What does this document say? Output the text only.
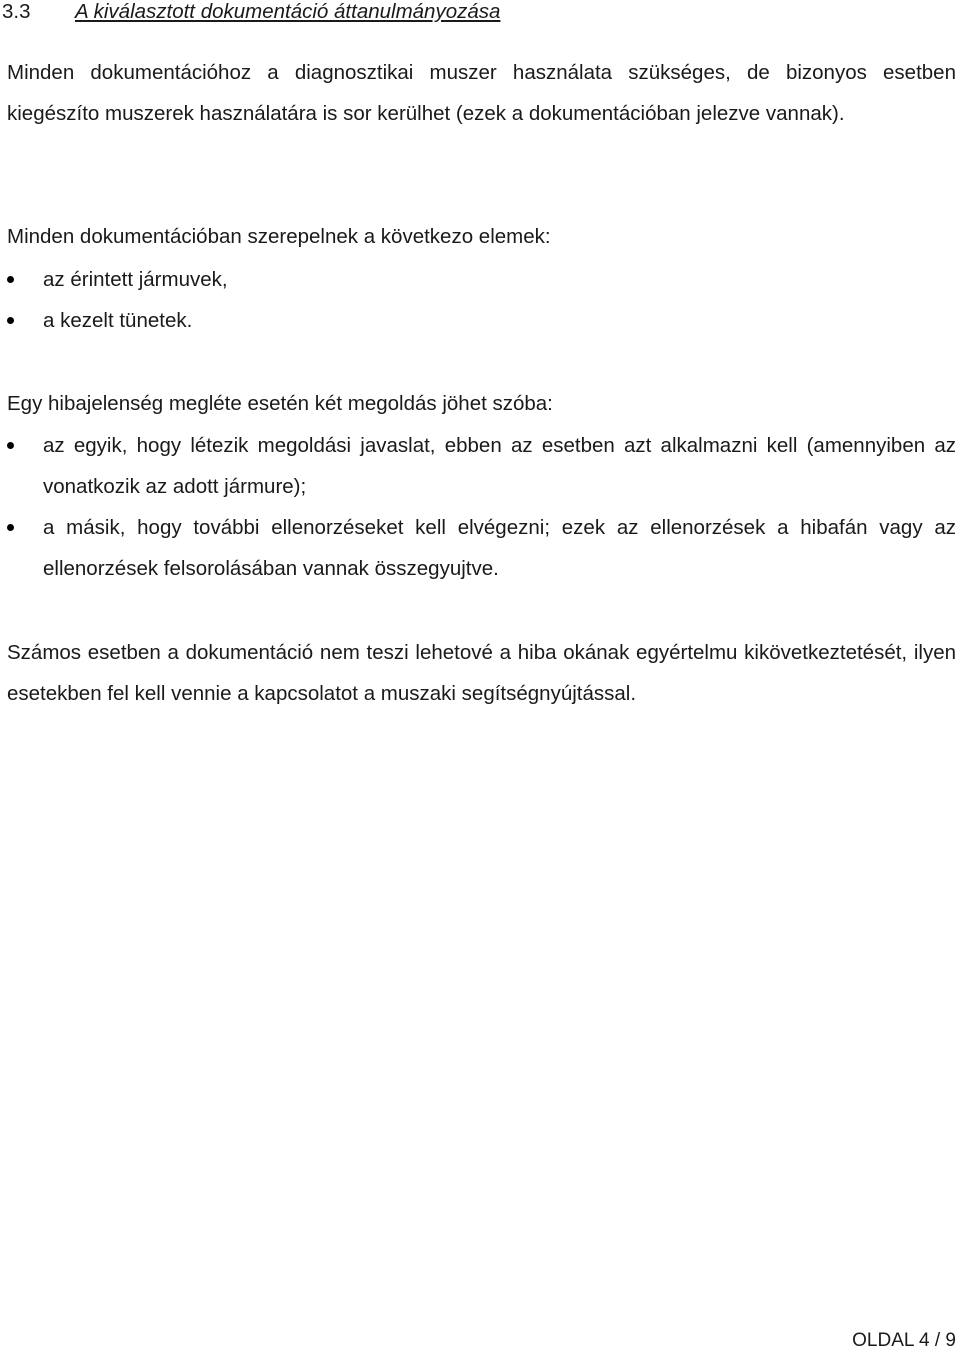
3.3 A kiválasztott dokumentáció áttanulmányozása
Minden dokumentációhoz a diagnosztikai muszer használata szükséges, de bizonyos esetben kiegészíto muszerek használatára is sor kerülhet (ezek a dokumentációban jelezve vannak).
Minden dokumentációban szerepelnek a következo elemek:
az érintett jármuvek,
a kezelt tünetek.
Egy hibajelenség megléte esetén két megoldás jöhet szóba:
az egyik, hogy létezik megoldási javaslat, ebben az esetben azt alkalmazni kell (amennyiben az vonatkozik az adott jármure);
a másik, hogy további ellenorzéseket kell elvégezni; ezek az ellenorzések a hibafán vagy az ellenorzések felsorolásában vannak összegyujtve.
Számos esetben a dokumentáció nem teszi lehetové a hiba okának egyértelmu kikövetkeztetését, ilyen esetekben fel kell vennie a kapcsolatot a muszaki segítségnyújtással.
OLDAL 4 / 9
